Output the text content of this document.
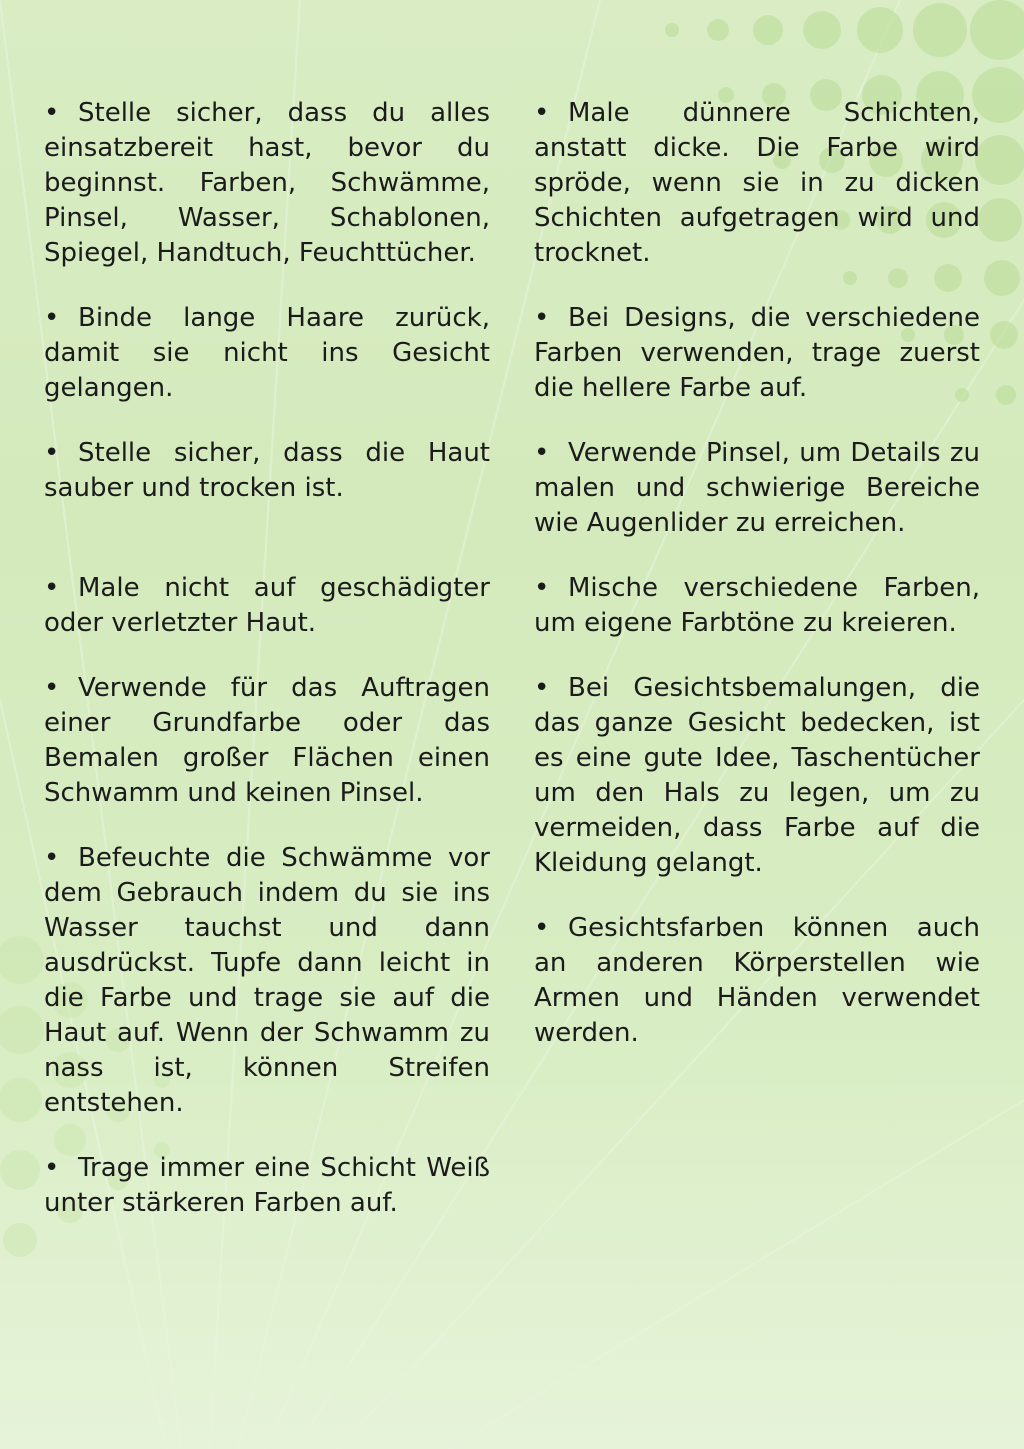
• Stelle sicher, dass du alles einsatzbereit hast, bevor du beginnst. Farben, Schwämme, Pinsel, Wasser, Schablonen, Spiegel, Handtuch, Feuchttücher.

• Binde lange Haare zurück, damit sie nicht ins Gesicht gelangen.

• Stelle sicher, dass die Haut sauber und trocken ist.

• Male nicht auf geschädigter oder verletzter Haut.

• Verwende für das Auftragen einer Grundfarbe oder das Bemalen großer Flächen einen Schwamm und keinen Pinsel.

• Befeuchte die Schwämme vor dem Gebrauch indem du sie ins Wasser tauchst und dann ausdrückst. Tupfe dann leicht in die Farbe und trage sie auf die Haut auf. Wenn der Schwamm zu nass ist, können Streifen entstehen.

• Trage immer eine Schicht Weiß unter stärkeren Farben auf.

• Male dünnere Schichten, anstatt dicke. Die Farbe wird spröde, wenn sie in zu dicken Schichten aufgetragen wird und trocknet.

• Bei Designs, die verschiedene Farben verwenden, trage zuerst die hellere Farbe auf.

• Verwende Pinsel, um Details zu malen und schwierige Bereiche wie Augenlider zu erreichen.

• Mische verschiedene Farben, um eigene Farbtöne zu kreieren.

• Bei Gesichtsbemalungen, die das ganze Gesicht bedecken, ist es eine gute Idee, Taschentücher um den Hals zu legen, um zu vermeiden, dass Farbe auf die Kleidung gelangt.

• Gesichtsfarben können auch an anderen Körperstellen wie Armen und Händen verwendet werden.
